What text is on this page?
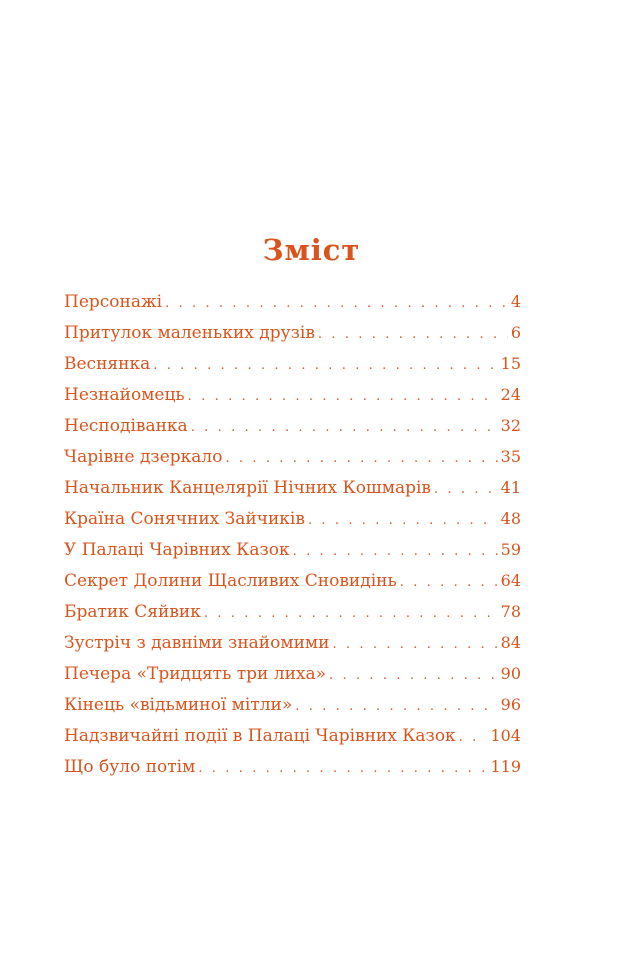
Зміст
Персонажі . . .	4
Притулок маленьких друзів . . .	6
Веснянка . . .	15
Незнайомець . . .	24
Несподіванка . . .	32
Чарівне дзеркало . . .	35
Начальник Канцелярії Нічних Кошмарів . . .	41
Країна Сонячних Зайчиків . . .	48
У Палаці Чарівних Казок . . .	59
Секрет Долини Щасливих Сновидінь . . .	64
Братик Сяйвик . . .	78
Зустріч з давніми знайомими . . .	84
Печера «Тридцять три лиха» . . .	90
Кінець «відьминої мітли» . . .	96
Надзвичайні події в Палаці Чарівних Казок . . . 104
Що було потім . . .	119
